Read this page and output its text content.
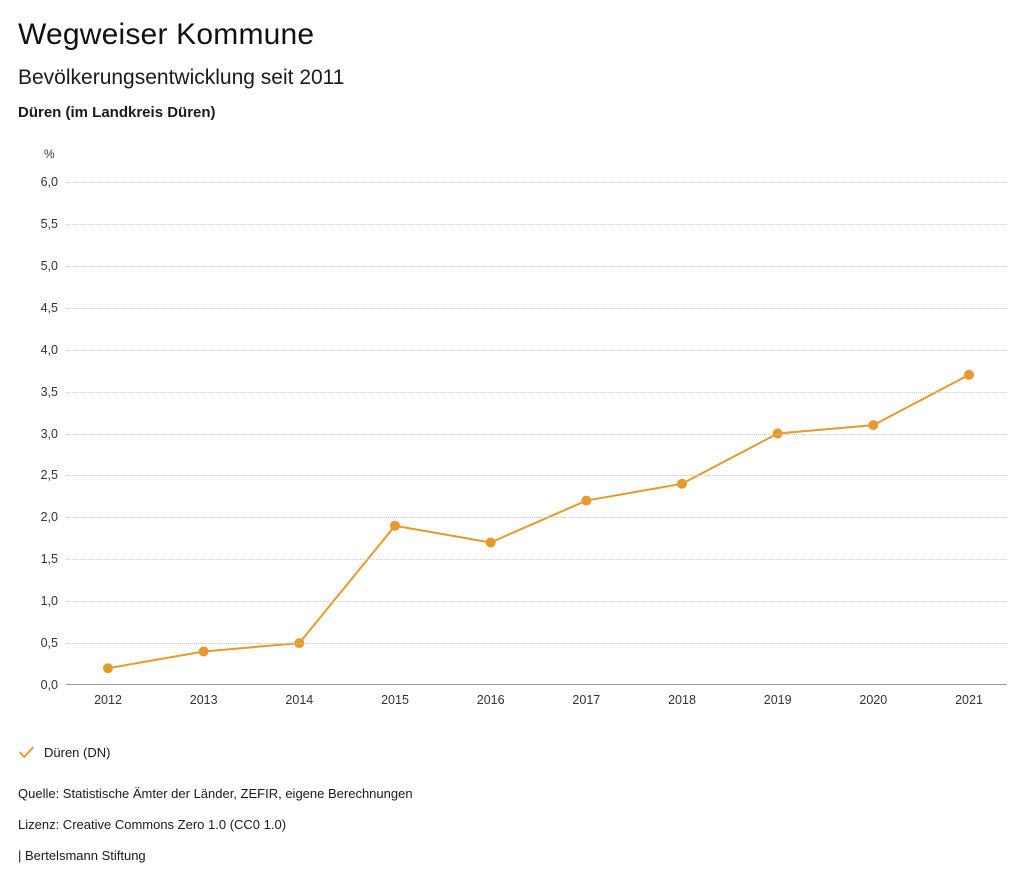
Wegweiser Kommune
Bevölkerungsentwicklung seit 2011
Düren (im Landkreis Düren)
%
0,0
0,5
1,0
1,5
2,0
2,5
3,0
3,5
4,0
4,5
5,0
5,5
6,0
2012	2013	2014	2015	2016	2017	2018	2019	2020	2021
Düren (DN)
Quelle: Statistische Ämter der Länder, ZEFIR, eigene Berechnungen
Lizenz: Creative Commons Zero 1.0 (CC0 1.0)
| Bertelsmann Stiftung
